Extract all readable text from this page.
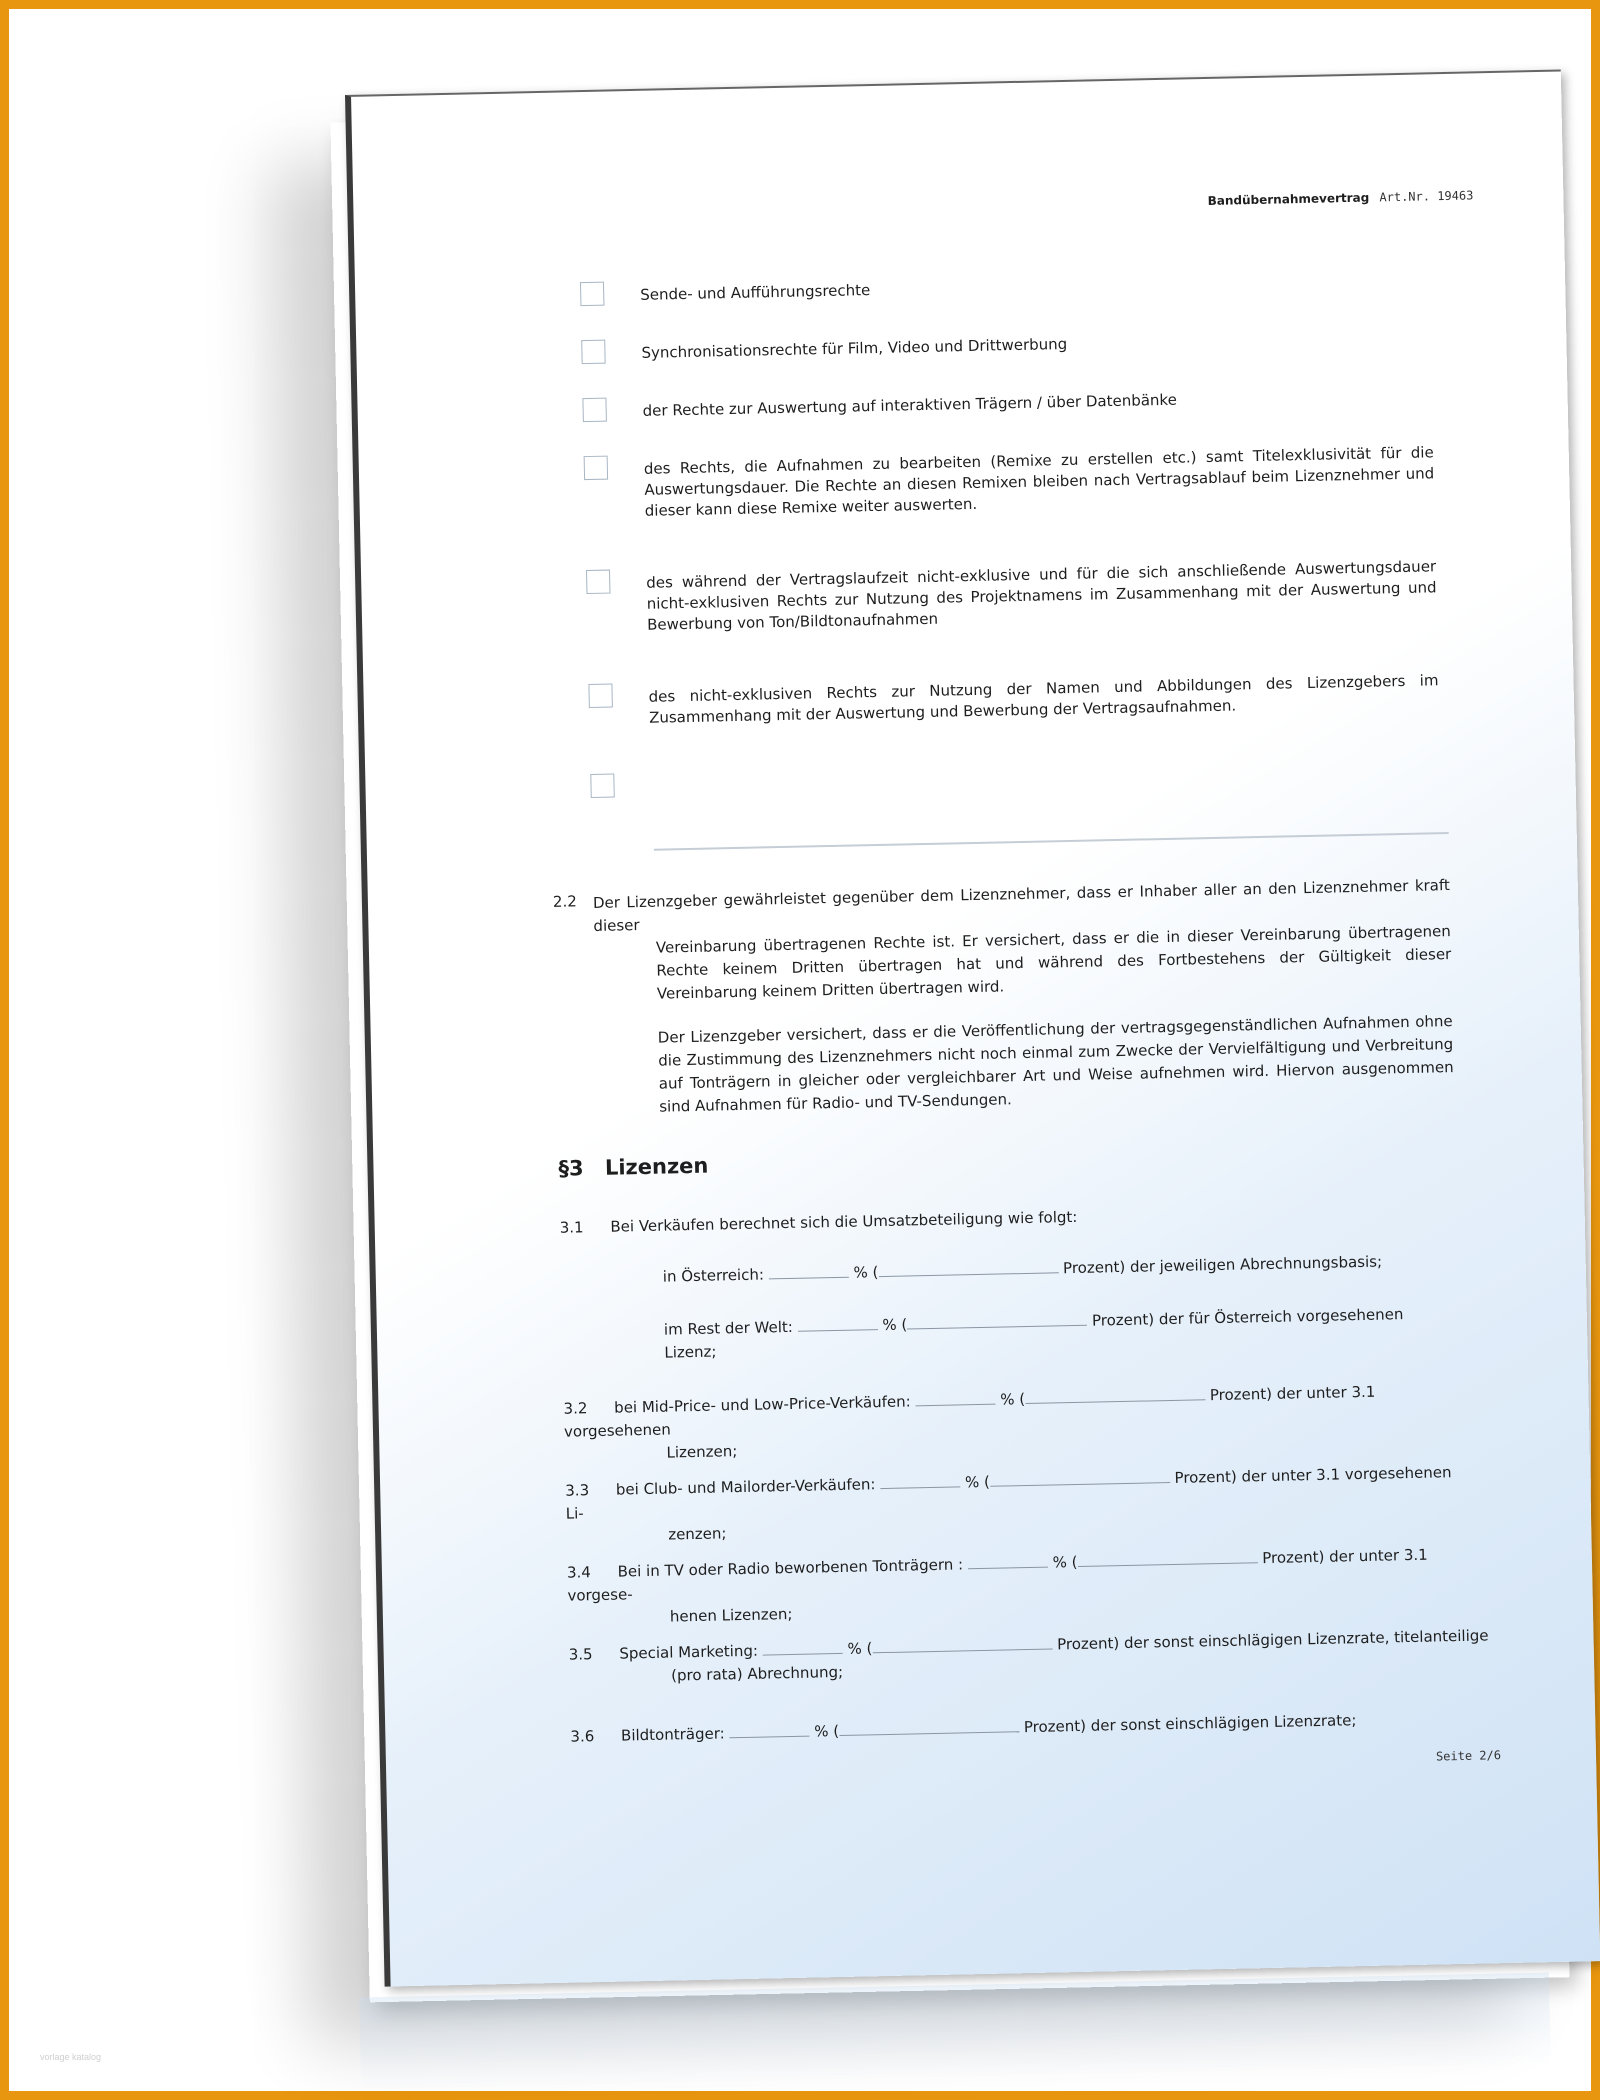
Bandübernahmevertrag Art.Nr. 19463
Sende- und Aufführungsrechte
Synchronisationsrechte für Film, Video und Drittwerbung
der Rechte zur Auswertung auf interaktiven Trägern / über Datenbänke
des Rechts, die Aufnahmen zu bearbeiten (Remixe zu erstellen etc.) samt Titelexklusivität für die Auswertungsdauer. Die Rechte an diesen Remixen bleiben nach Vertragsablauf beim Lizenznehmer und dieser kann diese Remixe weiter auswerten.
des während der Vertragslaufzeit nicht-exklusive und für die sich anschließende Auswertungsdauer nicht-exklusiven Rechts zur Nutzung des Projektnamens im Zusammenhang mit der Auswertung und Bewerbung von Ton/Bildtonaufnahmen
des nicht-exklusiven Rechts zur Nutzung der Namen und Abbildungen des Lizenzgebers im Zusammenhang mit der Auswertung und Bewerbung der Vertragsaufnahmen.
2.2 Der Lizenzgeber gewährleistet gegenüber dem Lizenznehmer, dass er Inhaber aller an den Lizenznehmer kraft dieser	Vereinbarung übertragenen Rechte ist. Er versichert, dass er die in dieser Vereinbarung übertragenen Rechte keinem Dritten übertragen hat und während des Fortbestehens der Gültigkeit dieser Vereinbarung keinem Dritten übertragen wird.
Der Lizenzgeber versichert, dass er die Veröffentlichung der vertragsgegenständlichen Aufnahmen ohne die Zustimmung des Lizenznehmers nicht noch einmal zum Zwecke der Vervielfältigung und Verbreitung auf Tonträgern in gleicher oder vergleichbarer Art und Weise aufnehmen wird. Hiervon ausgenommen sind Aufnahmen für Radio- und TV-Sendungen.
§3 Lizenzen
3.1 Bei Verkäufen berechnet sich die Umsatzbeteiligung wie folgt:
in Österreich:	% (	Prozent) der jeweiligen Abrechnungsbasis;
im Rest der Welt:	% (	Prozent) der für Österreich vorgesehenen
Lizenz;
3.2 bei Mid-Price- und Low-Price-Verkäufen:	% (	Prozent) der unter 3.1 vorgesehenen
Lizenzen;
3.3 bei Club- und Mailorder-Verkäufen:	% (	Prozent) der unter 3.1 vorgesehenen Li-
zenzen;
3.4 Bei in TV oder Radio beworbenen Tonträgern :	% (	Prozent) der unter 3.1 vorgese-
henen Lizenzen;
3.5 Special Marketing:	% (	Prozent) der sonst einschlägigen Lizenzrate, titelanteilige
(pro rata) Abrechnung;
3.6 Bildtonträger:	% (	Prozent) der sonst einschlägigen Lizenzrate;
Seite 2/6
vorlage katalog
